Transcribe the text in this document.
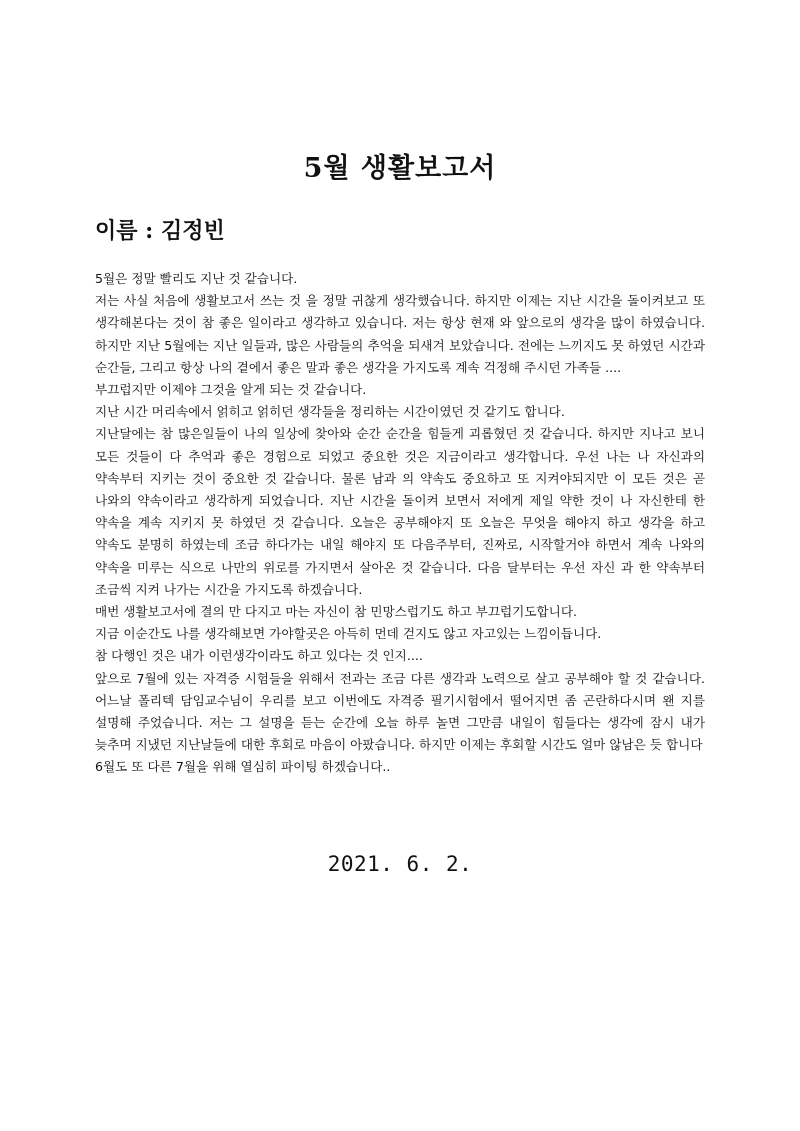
5월 생활보고서
이름 : 김정빈

5월은 정말 빨리도 지난 것 같습니다.

저는 사실 처음에 생활보고서 쓰는 것 을 정말 귀찮게 생각했습니다. 하지만 이제는 지난 시간을 돌이켜보고 또 생각해본다는 것이 참 좋은 일이라고 생각하고 있습니다. 저는 항상 현재 와 앞으로의 생각을 많이 하였습니다. 하지만 지난 5월에는 지난 일들과, 많은 사람들의 추억을 되새겨 보았습니다. 전에는 느끼지도 못 하였던 시간과 순간들, 그리고 항상 나의 곁에서 좋은 말과 좋은 생각을 가지도록 계속 걱정해 주시던 가족들 ....

부끄럽지만 이제야 그것을 알게 되는 것 같습니다.

지난 시간 머리속에서 얽히고 얽히던 생각들을 정리하는 시간이였던 것 같기도 합니다.

지난달에는 참 많은일들이 나의 일상에 찾아와 순간 순간을 힘들게 괴롭혔던 것 같습니다. 하지만 지나고 보니 모든 것들이 다 추억과 좋은 경험으로 되었고 중요한 것은 지금이라고 생각합니다. 우선 나는 나 자신과의 약속부터 지키는 것이 중요한 것 같습니다. 물론 남과 의 약속도 중요하고 또 지켜야되지만 이 모든 것은 곧 나와의 약속이라고 생각하게 되었습니다. 지난 시간을 돌이켜 보면서 저에게 제일 약한 것이 나 자신한테 한 약속을 계속 지키지 못 하였던 것 같습니다. 오늘은 공부해야지 또 오늘은 무엇을 해야지 하고 생각을 하고 약속도 분명히 하였는데 조금 하다가는 내일 해야지 또 다음주부터, 진짜로, 시작할거야 하면서 계속 나와의 약속을 미루는 식으로 나만의 위로를 가지면서 살아온 것 같습니다. 다음 달부터는 우선 자신 과 한 약속부터 조금씩 지켜 나가는 시간을 가지도록 하겠습니다.

매번 생활보고서에 결의 만 다지고 마는 자신이 참 민망스럽기도 하고 부끄럽기도합니다.

지금 이순간도 나를 생각해보면 가야할곳은 아득히 먼데 걷지도 않고 자고있는 느낌이듭니다.

참 다행인 것은 내가 이런생각이라도 하고 있다는 것 인지....

앞으로 7월에 있는 자격증 시험들을 위해서 전과는 조금 다른 생각과 노력으로 살고 공부해야 할 것 같습니다. 어느날 폴리텍 담임교수님이 우리를 보고 이번에도 자격증 필기시험에서 떨어지면 좀 곤란하다시며 왠 지를 설명해 주었습니다. 저는 그 설명을 듣는 순간에 오늘 하루 놀면 그만큼 내일이 힘들다는 생각에 잠시 내가 늦추며 지냈던 지난날들에 대한 후회로 마음이 아팠습니다. 하지만 이제는 후회할 시간도 얼마 않남은 듯 합니다

6월도 또 다른 7월을 위해 열심히 파이팅 하겠습니다..

2021. 6. 2.
